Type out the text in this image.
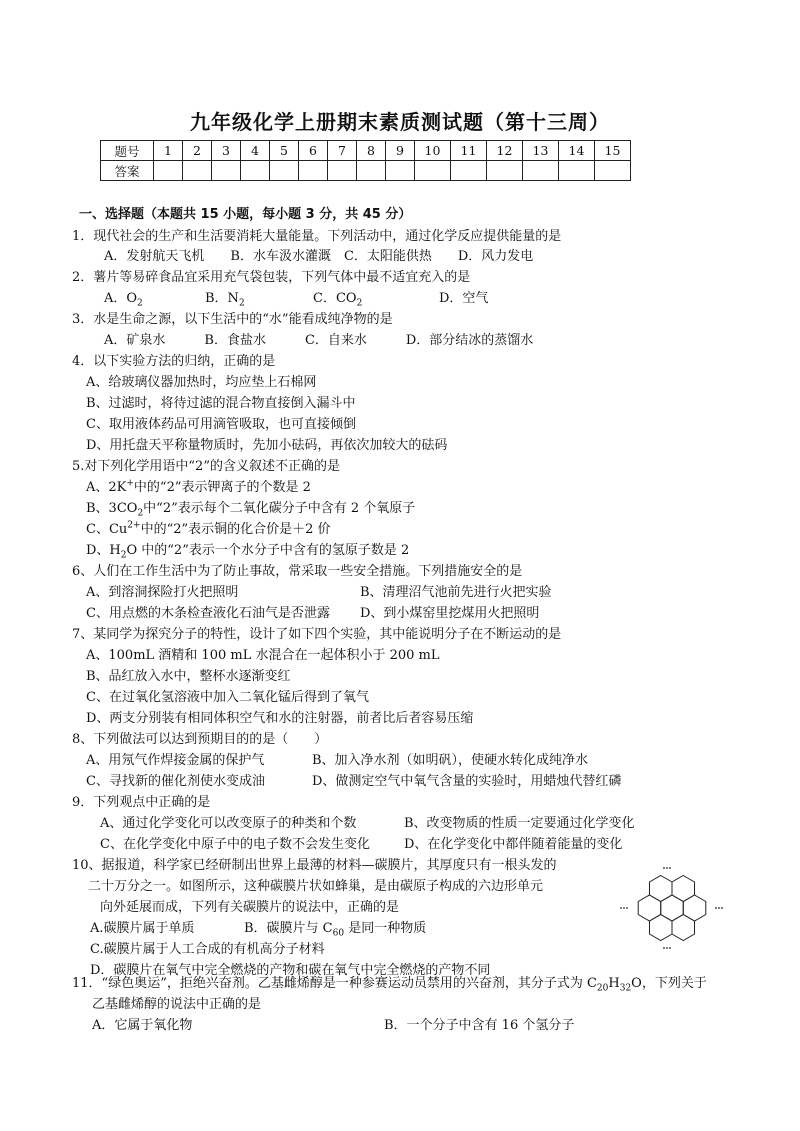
九年级化学上册期末素质测试题（第十三周）
题号	1	2	3	4	5	6	7	8	9	10	11	12	13	14	15
答案															
一、选择题（本题共 15 小题，每小题 3 分，共 45 分）
1．现代社会的生产和生活要消耗大量能量。下列活动中，通过化学反应提供能量的是
A．发射航天飞机　　B．水车汲水灌溉　C．太阳能供热　　D．风力发电
2．薯片等易碎食品宜采用充气袋包装，下列气体中最不适宜充入的是
A．$O_2$	B．$N_2$	C．$CO_2$	D．空气
3．水是生命之源，以下生活中的“水”能看成纯净物的是
A．矿泉水　　　B．食盐水　　　C．自来水　　　D．部分结冰的蒸馏水
4．以下实验方法的归纳，正确的是
A、给玻璃仪器加热时，均应垫上石棉网
B、过滤时，将待过滤的混合物直接倒入漏斗中
C、取用液体药品可用滴管吸取，也可直接倾倒
D、用托盘天平称量物质时，先加小砝码，再依次加较大的砝码
5.对下列化学用语中“2”的含义叙述不正确的是
A、2K+中的“2”表示钾离子的个数是 2
B、$3CO_2$中“2”表示每个二氧化碳分子中含有 2 个氧原子
C、$Cu^{2+}$中的“2”表示铜的化合价是＋2 价
D、$H_2O$ 中的“2”表示一个水分子中含有的氢原子数是 2
6、人们在工作生活中为了防止事故，常采取一些安全措施。下列措施安全的是
A、到溶洞探险打火把照明	B、清理沼气池前先进行火把实验
C、用点燃的木条检查液化石油气是否泄露 D、到小煤窑里挖煤用火把照明
7、某同学为探究分子的特性，设计了如下四个实验，其中能说明分子在不断运动的是
A、100mL 酒精和 100 mL 水混合在一起体积小于 200 mL
B、品红放入水中，整杯水逐渐变红
C、在过氧化氢溶液中加入二氧化锰后得到了氧气
D、两支分别装有相同体积空气和水的注射器，前者比后者容易压缩
8、下列做法可以达到预期目的的是（　　）
A、用氖气作焊接金属的保护气	B、加入净水剂（如明矾），使硬水转化成纯净水
C、寻找新的催化剂使水变成油	D、做测定空气中氧气含量的实验时，用蜡烛代替红磷
9．下列观点中正确的是
A、通过化学变化可以改变原子的种类和个数	B、改变物质的性质一定要通过化学变化
C、在化学变化中原子中的电子数不会发生变化	D、在化学变化中都伴随着能量的变化
10、据报道，科学家已经研制出世界上最薄的材料—碳膜片，其厚度只有一根头发的
二十万分之一。如图所示，这种碳膜片状如蜂巢，是由碳原子构成的六边形单元
向外延展而成，下列有关碳膜片的说法中，正确的是
A.碳膜片属于单质	B．碳膜片与 $C_{60}$ 是同一种物质
C.碳膜片属于人工合成的有机高分子材料
D．碳膜片在氧气中完全燃烧的产物和碳在氧气中完全燃烧的产物不同
11．“绿色奥运”，拒绝兴奋剂。乙基雌烯醇是一种参赛运动员禁用的兴奋剂，其分子式为 $C_{20}H_{32}O$，下列关于
乙基雌烯醇的说法中正确的是
A．它属于氧化物	B．一个分子中含有 16 个氢分子
